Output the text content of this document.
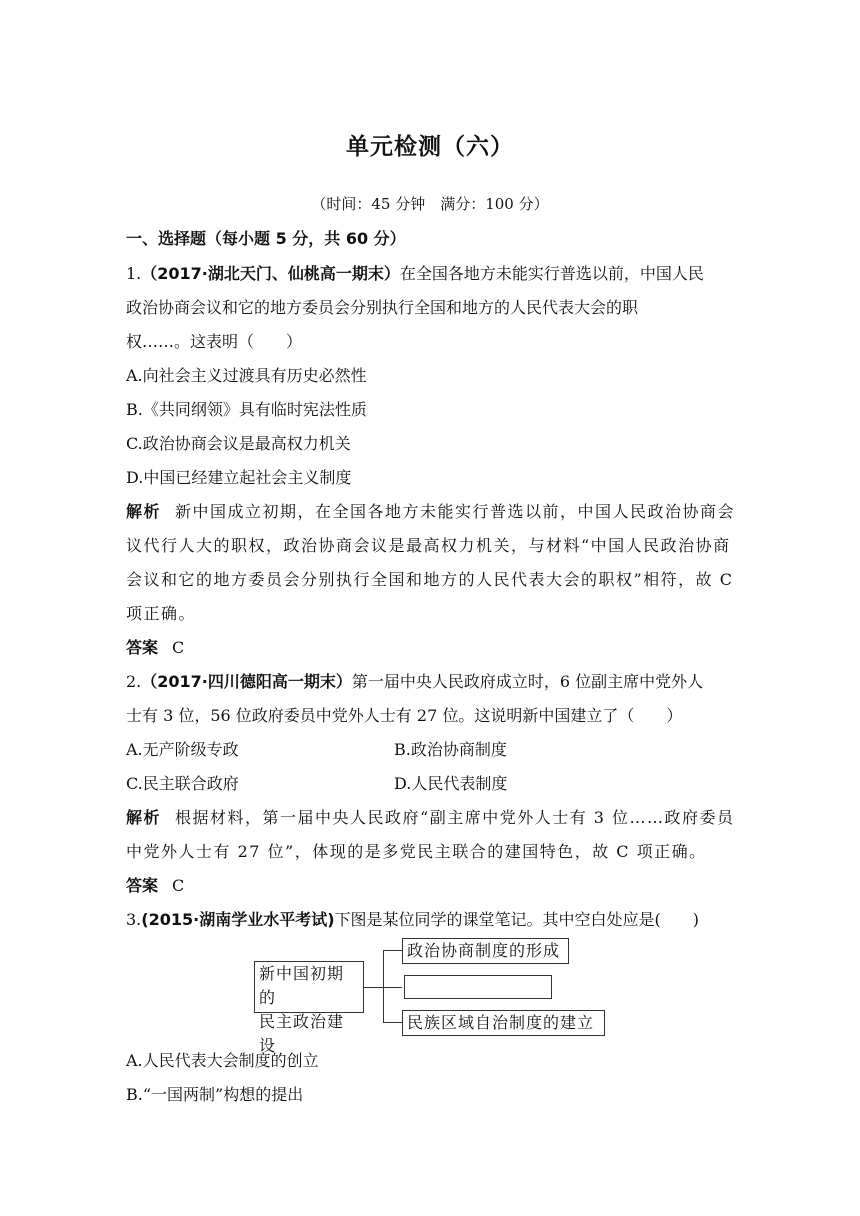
单元检测（六）
（时间：45 分钟　满分：100 分）
一、选择题（每小题 5 分，共 60 分）
1.（2017·湖北天门、仙桃高一期末）在全国各地方未能实行普选以前，中国人民
政治协商会议和它的地方委员会分别执行全国和地方的人民代表大会的职
权……。这表明（　　）
A.向社会主义过渡具有历史必然性
B.《共同纲领》具有临时宪法性质
C.政治协商会议是最高权力机关
D.中国已经建立起社会主义制度
解析 新中国成立初期，在全国各地方未能实行普选以前，中国人民政治协商会
议代行人大的职权，政治协商会议是最高权力机关，与材料“中国人民政治协商
会议和它的地方委员会分别执行全国和地方的人民代表大会的职权”相符，故 C
项正确。
答案 C
2.（2017·四川德阳高一期末）第一届中央人民政府成立时，6 位副主席中党外人
士有 3 位，56 位政府委员中党外人士有 27 位。这说明新中国建立了（　　）
A.无产阶级专政	B.政治协商制度
C.民主联合政府	D.人民代表制度
解析 根据材料，第一届中央人民政府“副主席中党外人士有 3 位……政府委员
中党外人士有 27 位”，体现的是多党民主联合的建国特色，故 C 项正确。
答案 C
3.(2015·湖南学业水平考试)下图是某位同学的课堂笔记。其中空白处应是(　　)
新中国初期的
民主政治建设
政治协商制度的形成
民族区域自治制度的建立
A.人民代表大会制度的创立
B.“一国两制”构想的提出
